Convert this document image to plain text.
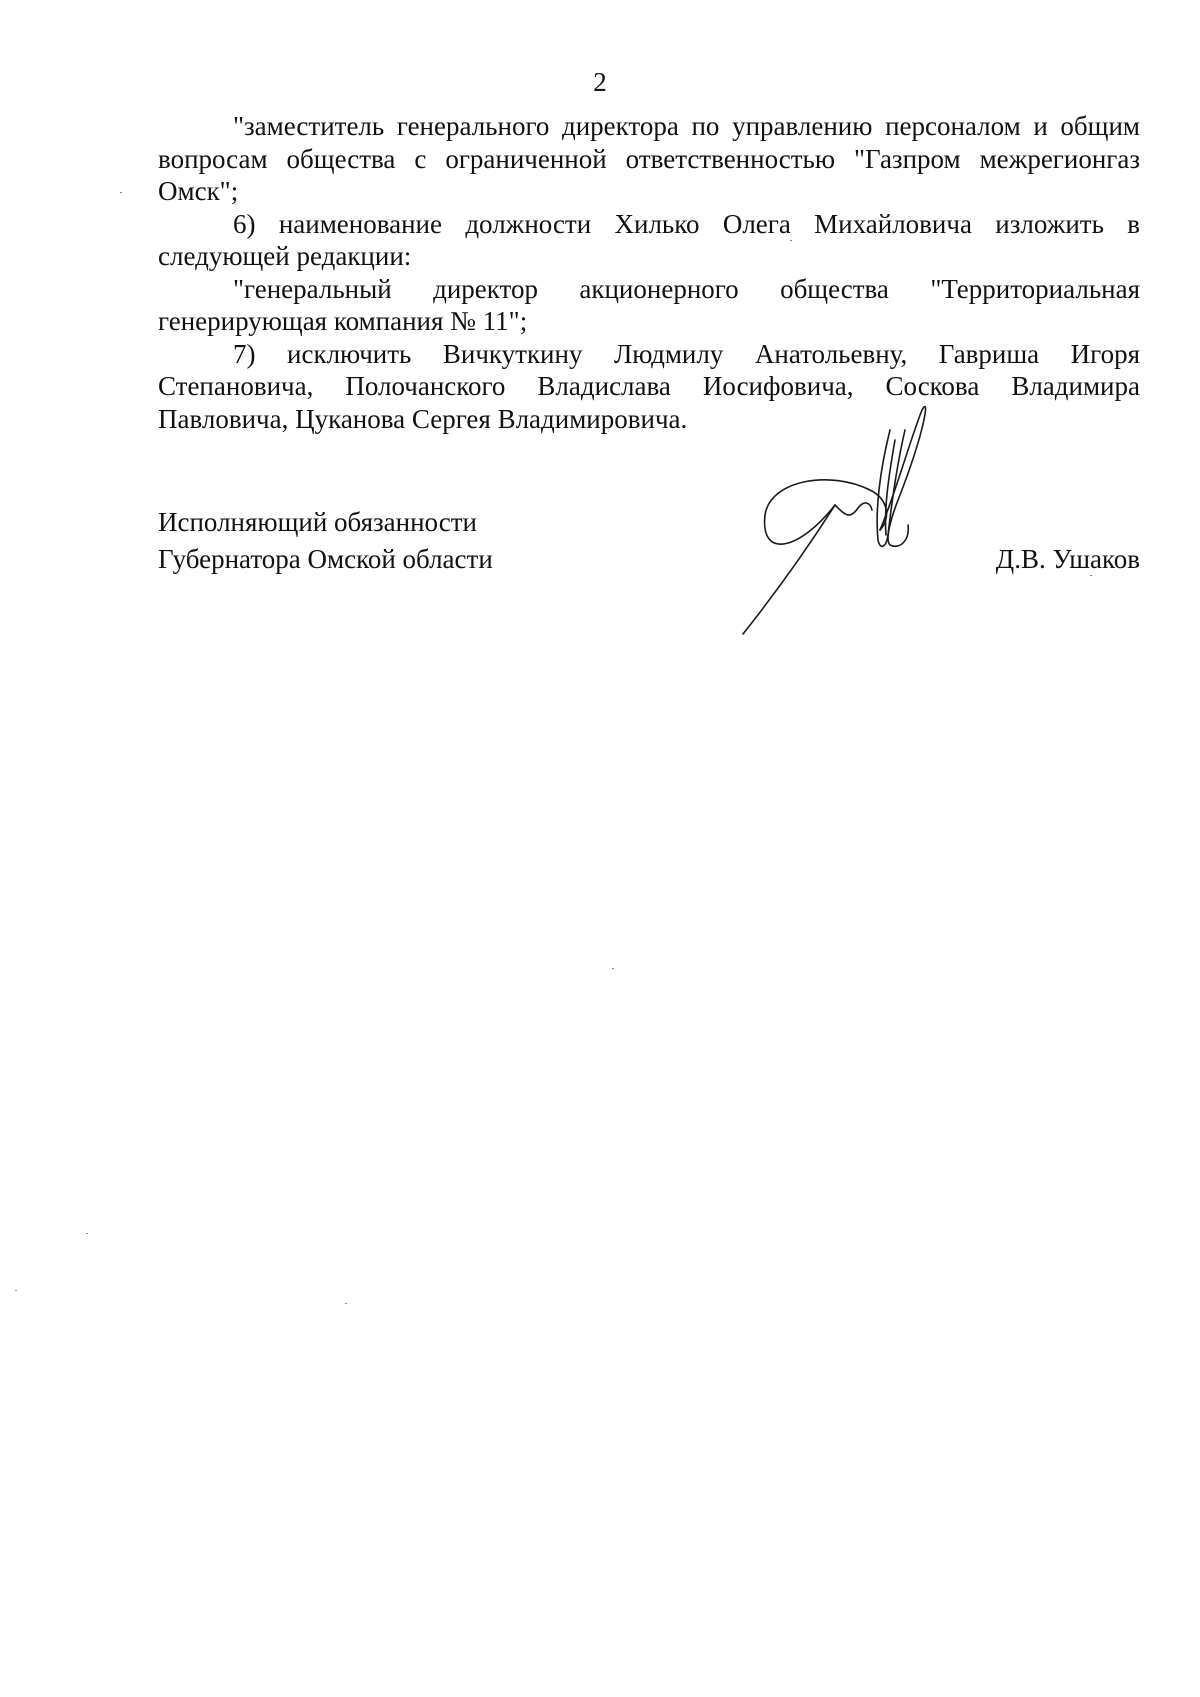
2

"заместитель генерального директора по управлению персоналом и общим вопросам общества с ограниченной ответственностью "Газпром межрегионгаз Омск";

6) наименование должности Хилько Олега Михайловича изложить в следующей редакции:

"генеральный директор акционерного общества "Территориальная генерирующая компания № 11";

7) исключить Вичкуткину Людмилу Анатольевну, Гавриша Игоря Степановича, Полочанского Владислава Иосифовича, Соскова Владимира Павловича, Цуканова Сергея Владимировича.

Исполняющий обязанности

Губернатора Омской области	Д.В. Ушаков
